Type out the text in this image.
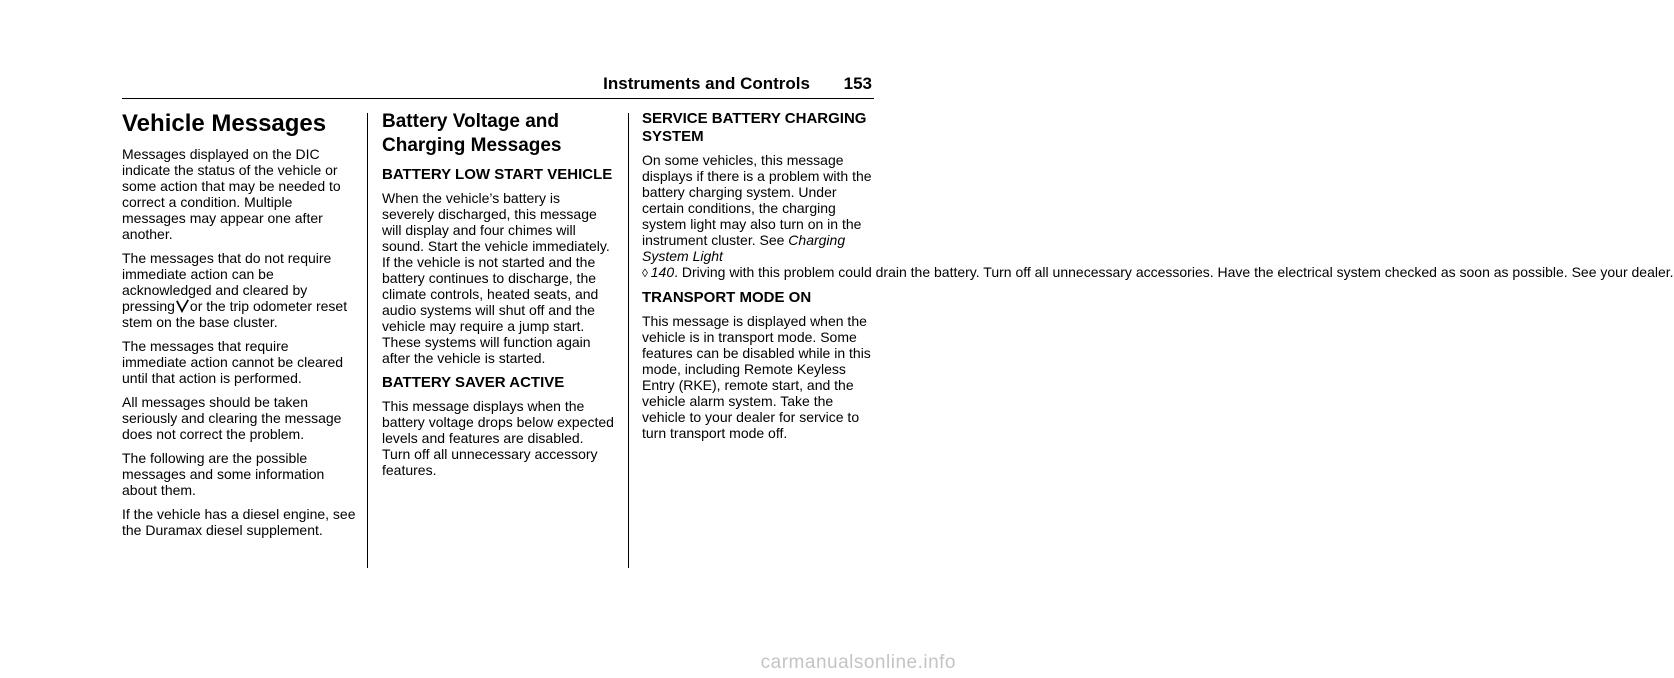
Instruments and Controls 153
Vehicle Messages

Messages displayed on the DIC indicate the status of the vehicle or some action that may be needed to correct a condition. Multiple messages may appear one after another.

The messages that do not require immediate action can be acknowledged and cleared by pressing or the trip odometer reset stem on the base cluster.

The messages that require immediate action cannot be cleared until that action is performed.

All messages should be taken seriously and clearing the message does not correct the problem.

The following are the possible messages and some information about them.

If the vehicle has a diesel engine, see the Duramax diesel supplement.

Battery Voltage and Charging Messages
BATTERY LOW START VEHICLE

When the vehicle’s battery is severely discharged, this message will display and four chimes will sound. Start the vehicle immediately. If the vehicle is not started and the battery continues to discharge, the climate controls, heated seats, and audio systems will shut off and the vehicle may require a jump start. These systems will function again after the vehicle is started.

BATTERY SAVER ACTIVE

This message displays when the battery voltage drops below expected levels and features are disabled. Turn off all unnecessary accessory features.

SERVICE BATTERY CHARGING SYSTEM

On some vehicles, this message displays if there is a problem with the battery charging system. Under certain conditions, the charging system light may also turn on in the instrument cluster. See Charging System Light ◊  140. Driving with this problem could drain the battery. Turn off all unnecessary accessories. Have the electrical system checked as soon as possible. See your dealer.

TRANSPORT MODE ON

This message is displayed when the vehicle is in transport mode. Some features can be disabled while in this mode, including Remote Keyless Entry (RKE), remote start, and the vehicle alarm system. Take the vehicle to your dealer for service to turn transport mode off.

carmanualsonline.info
